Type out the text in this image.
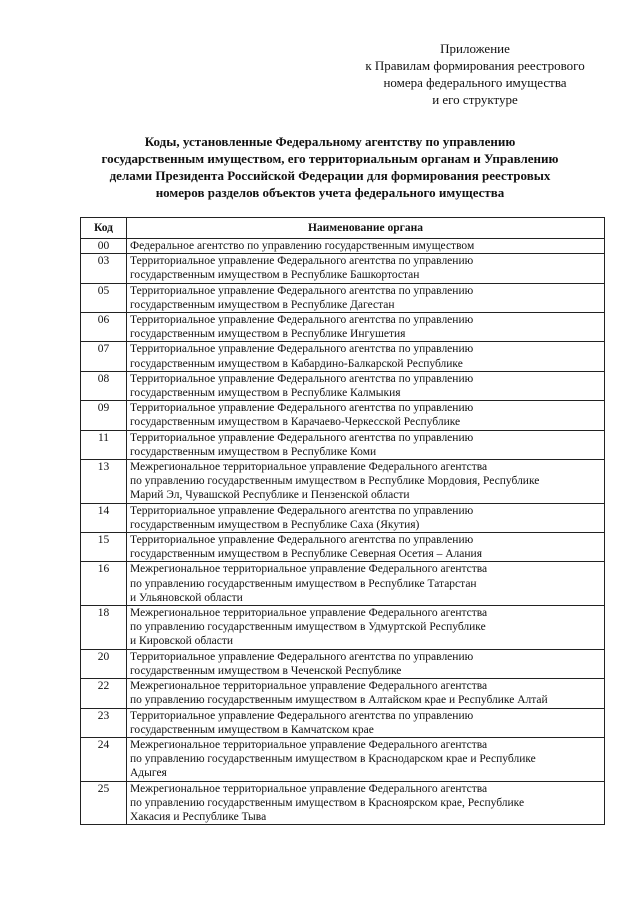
Приложение
к Правилам формирования реестрового
номера федерального имущества
и его структуре
Коды, установленные Федеральному агентству по управлению
государственным имуществом, его территориальным органам и Управлению
делами Президента Российской Федерации для формирования реестровых
номеров разделов объектов учета федерального имущества
Код	Наименование органа
00	Федеральное агентство по управлению государственным имуществом

03	Территориальное управление Федерального агентства по управлению
государственным имуществом в Республике Башкортостан

05	Территориальное управление Федерального агентства по управлению
государственным имуществом в Республике Дагестан

06	Территориальное управление Федерального агентства по управлению
государственным имуществом в Республике Ингушетия

07	Территориальное управление Федерального агентства по управлению
государственным имуществом в Кабардино-Балкарской Республике

08	Территориальное управление Федерального агентства по управлению
государственным имуществом в Республике Калмыкия

09	Территориальное управление Федерального агентства по управлению
государственным имуществом в Карачаево-Черкесской Республике

11	Территориальное управление Федерального агентства по управлению
государственным имуществом в Республике Коми

13	Межрегиональное территориальное управление Федерального агентства
по управлению государственным имуществом в Республике Мордовия, Республике
Марий Эл, Чувашской Республике и Пензенской области

14	Территориальное управление Федерального агентства по управлению
государственным имуществом в Республике Саха (Якутия)

15	Территориальное управление Федерального агентства по управлению
государственным имуществом в Республике Северная Осетия – Алания

16	Межрегиональное территориальное управление Федерального агентства
по управлению государственным имуществом в Республике Татарстан
и Ульяновской области

18	Межрегиональное территориальное управление Федерального агентства
по управлению государственным имуществом в Удмуртской Республике
и Кировской области

20	Территориальное управление Федерального агентства по управлению
государственным имуществом в Чеченской Республике

22	Межрегиональное территориальное управление Федерального агентства
по управлению государственным имуществом в Алтайском крае и Республике Алтай

23	Территориальное управление Федерального агентства по управлению
государственным имуществом в Камчатском крае

24	Межрегиональное территориальное управление Федерального агентства
по управлению государственным имуществом в Краснодарском крае и Республике
Адыгея

25	Межрегиональное территориальное управление Федерального агентства
по управлению государственным имуществом в Красноярском крае, Республике
Хакасия и Республике Тыва
